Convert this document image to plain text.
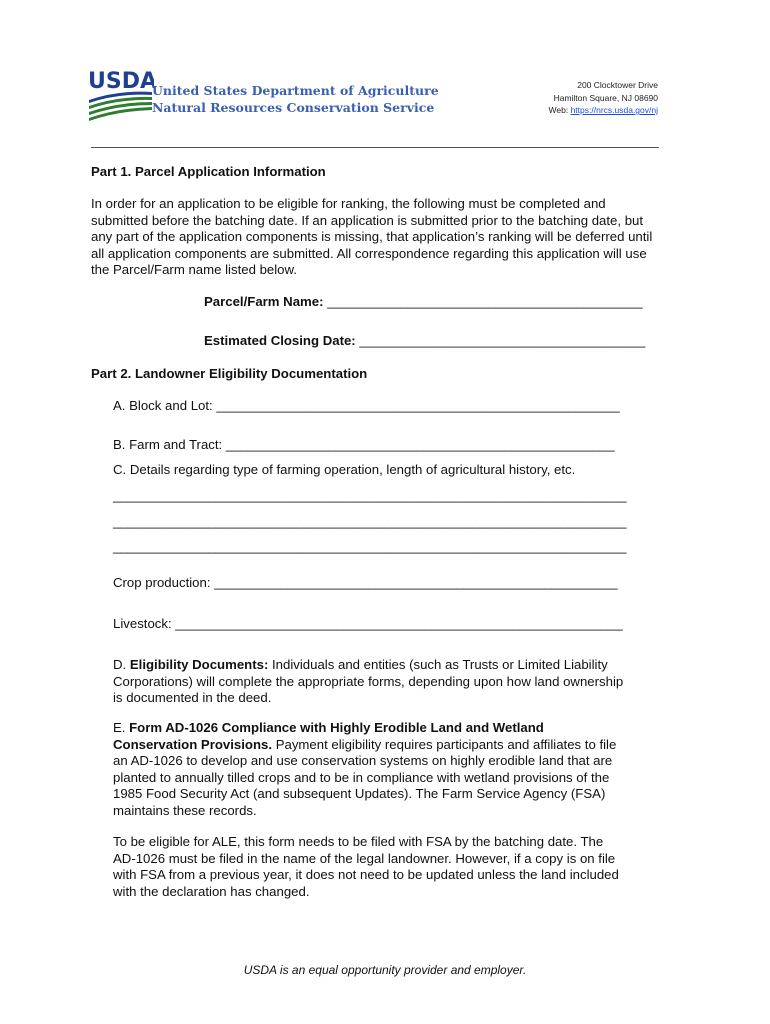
USDA
United States Department of Agriculture
Natural Resources Conservation Service
200 Clocktower Drive
Hamilton Square, NJ 08690
Web: https://nrcs.usda.gov/nj
Part 1. Parcel Application Information
In order for an application to be eligible for ranking, the following must be completed and
submitted before the batching date. If an application is submitted prior to the batching date, but
any part of the application components is missing, that application’s ranking will be deferred until
all application components are submitted. All correspondence regarding this application will use
the Parcel/Farm name listed below.
Parcel/Farm Name: ___________________________________________
Estimated Closing Date: _______________________________________
Part 2. Landowner Eligibility Documentation
A. Block and Lot: _______________________________________________________
B. Farm and Tract: _____________________________________________________
C. Details regarding type of farming operation, length of agricultural history, etc.
______________________________________________________________________
______________________________________________________________________
______________________________________________________________________
Crop production: _______________________________________________________
Livestock: _____________________________________________________________
D. Eligibility Documents: Individuals and entities (such as Trusts or Limited Liability
Corporations) will complete the appropriate forms, depending upon how land ownership
is documented in the deed.
E. Form AD-1026 Compliance with Highly Erodible Land and Wetland
Conservation Provisions. Payment eligibility requires participants and affiliates to file
an AD-1026 to develop and use conservation systems on highly erodible land that are
planted to annually tilled crops and to be in compliance with wetland provisions of the
1985 Food Security Act (and subsequent Updates). The Farm Service Agency (FSA)
maintains these records.
To be eligible for ALE, this form needs to be filed with FSA by the batching date. The
AD-1026 must be filed in the name of the legal landowner. However, if a copy is on file
with FSA from a previous year, it does not need to be updated unless the land included
with the declaration has changed.
USDA is an equal opportunity provider and employer.
